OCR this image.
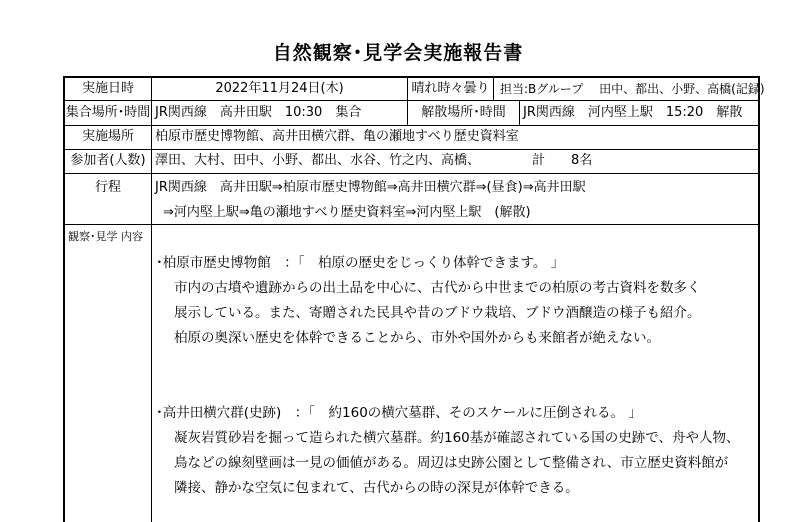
自然観察･見学会実施報告書
実施日時	2022年11月24日(木)	晴れ時々曇り 担当:Bグループ　 田中、都出、小野、高橋(記録)
集合場所･時間 JR関西線　高井田駅　10:30　集合	解散場所･時間	JR関西線　河内堅上駅　15:20　解散
実施場所	柏原市歴史博物館、高井田横穴群、亀の瀬地すべり歴史資料室
参加者(人数) 澤田、大村、田中、小野、都出、水谷、竹之内、高橋、	計　　8名
行程	JR関西線　高井田駅⇒柏原市歴史博物館⇒高井田横穴群⇒(昼食)⇒高井田駅
⇒河内堅上駅⇒亀の瀬地すべり歴史資料室⇒河内堅上駅　(解散)
観察･見学 内容
･柏原市歴史博物館　：「　柏原の歴史をじっくり体幹できます。 」
市内の古墳や遺跡からの出土品を中心に、古代から中世までの柏原の考古資料を数多く
展示している。また、寄贈された民具や昔のブドウ栽培、ブドウ酒醸造の様子も紹介。
柏原の奥深い歴史を体幹できることから、市外や国外からも来館者が絶えない。
･高井田横穴群(史跡)　：「　約160の横穴墓群、そのスケールに圧倒される。 」
凝灰岩質砂岩を掘って造られた横穴墓群。約160基が確認されている国の史跡で、舟や人物、
鳥などの線刻壁画は一見の価値がある。周辺は史跡公園として整備され、市立歴史資料館が
隣接、静かな空気に包まれて、古代からの時の深見が体幹できる。
